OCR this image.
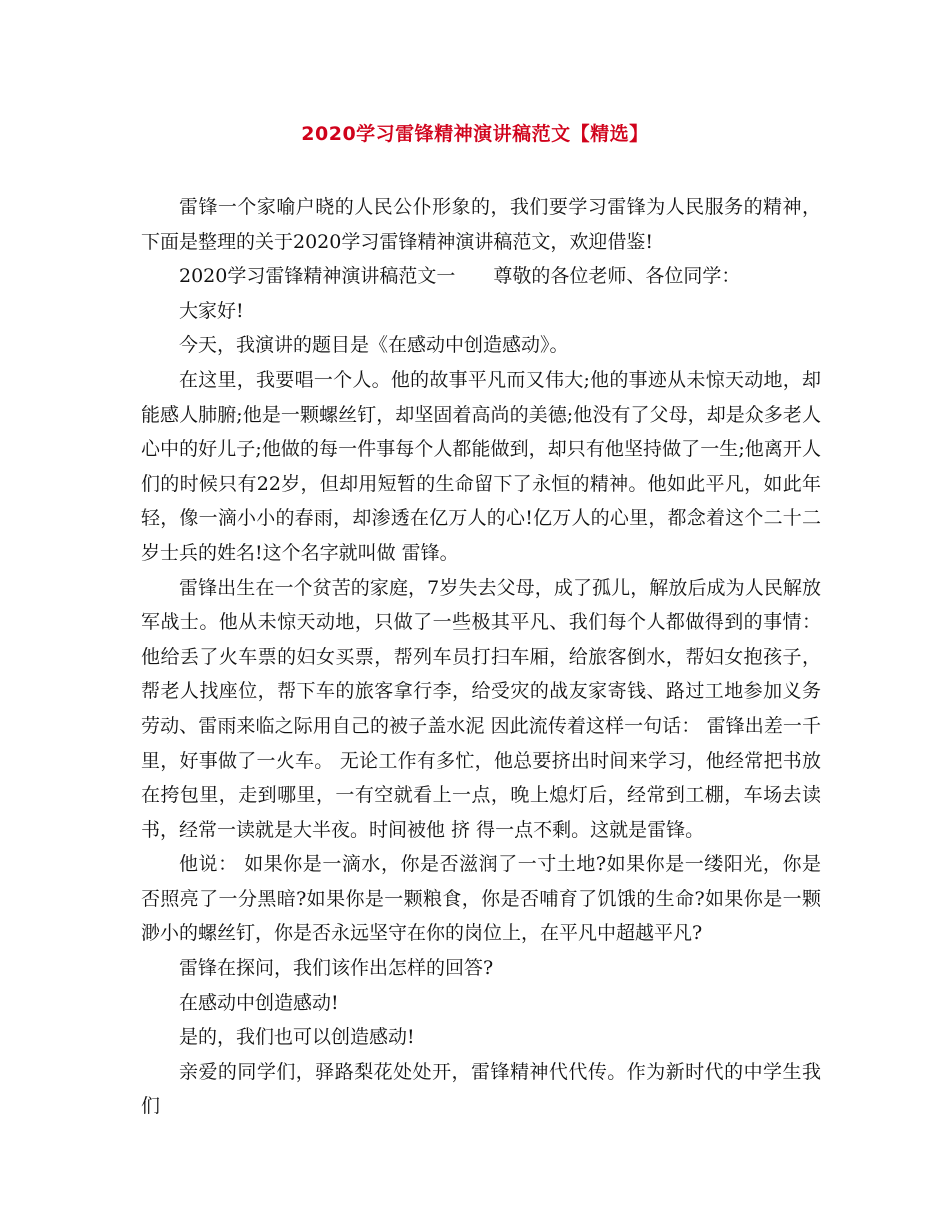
2020学习雷锋精神演讲稿范文【精选】

雷锋一个家喻户晓的人民公仆形象的，我们要学习雷锋为人民服务的精神，下面是整理的关于2020学习雷锋精神演讲稿范文，欢迎借鉴!

2020学习雷锋精神演讲稿范文一　　尊敬的各位老师、各位同学：

大家好!

今天，我演讲的题目是《在感动中创造感动》。

在这里，我要唱一个人。他的故事平凡而又伟大;他的事迹从未惊天动地，却能感人肺腑;他是一颗螺丝钉，却坚固着高尚的美德;他没有了父母，却是众多老人心中的好儿子;他做的每一件事每个人都能做到，却只有他坚持做了一生;他离开人们的时候只有22岁，但却用短暂的生命留下了永恒的精神。他如此平凡，如此年轻，像一滴小小的春雨，却渗透在亿万人的心!亿万人的心里，都念着这个二十二岁士兵的姓名!这个名字就叫做 雷锋。

雷锋出生在一个贫苦的家庭，7岁失去父母，成了孤儿，解放后成为人民解放军战士。他从未惊天动地，只做了一些极其平凡、我们每个人都做得到的事情：他给丢了火车票的妇女买票，帮列车员打扫车厢，给旅客倒水，帮妇女抱孩子，帮老人找座位，帮下车的旅客拿行李，给受灾的战友家寄钱、路过工地参加义务劳动、雷雨来临之际用自己的被子盖水泥 因此流传着这样一句话： 雷锋出差一千里，好事做了一火车。 无论工作有多忙，他总要挤出时间来学习，他经常把书放在挎包里，走到哪里，一有空就看上一点，晚上熄灯后，经常到工棚，车场去读书，经常一读就是大半夜。时间被他 挤 得一点不剩。这就是雷锋。

他说： 如果你是一滴水，你是否滋润了一寸土地?如果你是一缕阳光，你是否照亮了一分黑暗?如果你是一颗粮食，你是否哺育了饥饿的生命?如果你是一颗渺小的螺丝钉，你是否永远坚守在你的岗位上，在平凡中超越平凡?

雷锋在探问，我们该作出怎样的回答?

在感动中创造感动!

是的，我们也可以创造感动!

亲爱的同学们，驿路梨花处处开，雷锋精神代代传。作为新时代的中学生我们
